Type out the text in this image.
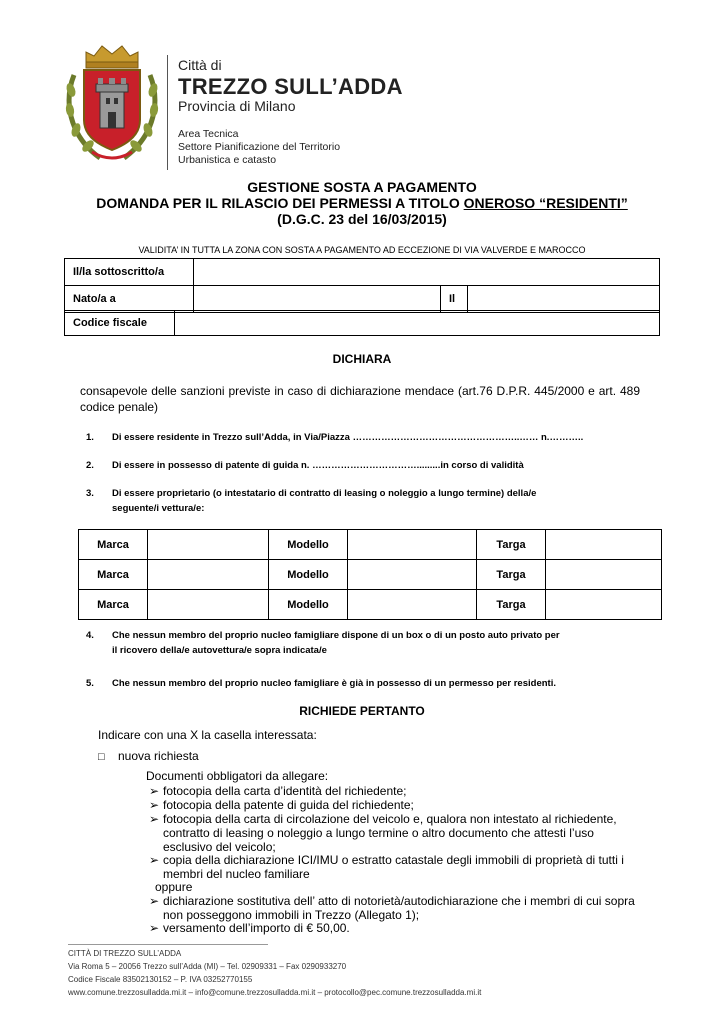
Città di
TREZZO SULL’ADDA
Provincia di Milano
Area Tecnica
Settore Pianificazione del Territorio
Urbanistica e catasto
GESTIONE SOSTA A PAGAMENTO
DOMANDA PER IL RILASCIO DEI PERMESSI A TITOLO ONEROSO “RESIDENTI”
(D.G.C. 23 del 16/03/2015)
VALIDITA’ IN TUTTA LA ZONA CON SOSTA A PAGAMENTO AD ECCEZIONE DI VIA VALVERDE E MAROCCO
Il/la sottoscritto/a			
Nato/a a		Il	
Codice fiscale	
DICHIARA
consapevole delle sanzioni previste in caso di dichiarazione mendace (art.76 D.P.R. 445/2000 e art. 489 codice penale)
1. Di essere residente in Trezzo sull’Adda, in Via/Piazza ……………………………………………..…… n.………..
2. Di essere in possesso di patente di guida n. …………………………….........in corso di validità
3. Di essere proprietario (o intestatario di contratto di leasing o noleggio a lungo termine) della/e
seguente/i vettura/e:
Marca		Modello		Targa	
Marca		Modello		Targa	
Marca		Modello		Targa	
4. Che nessun membro del proprio nucleo famigliare dispone di un box o di un posto auto privato per
il ricovero della/e autovettura/e sopra indicata/e
5. Che nessun membro del proprio nucleo famigliare è già in possesso di un permesso per residenti.
RICHIEDE PERTANTO
Indicare con una X la casella interessata:
□ nuova richiesta
Documenti obbligatori da allegare:
➢ fotocopia della carta d’identità del richiedente;
➢ fotocopia della patente di guida del richiedente;
➢ fotocopia della carta di circolazione del veicolo e, qualora non intestato al richiedente,
contratto di leasing o noleggio a lungo termine o altro documento che attesti l’uso
esclusivo del veicolo;
➢ copia della dichiarazione ICI/IMU o estratto catastale degli immobili di proprietà di tutti i
membri del nucleo familiare
oppure
➢ dichiarazione sostitutiva dell’ atto di notorietà/autodichiarazione che i membri di cui sopra
non posseggono immobili in Trezzo (Allegato 1);
➢ versamento dell’importo di € 50,00.
CITTÀ DI TREZZO SULL’ADDA
Via Roma 5 – 20056 Trezzo sull’Adda (MI) – Tel. 02909331 – Fax 0290933270
Codice Fiscale 83502130152 – P. IVA 03252770155
www.comune.trezzosulladda.mi.it – info@comune.trezzosulladda.mi.it – protocollo@pec.comune.trezzosulladda.mi.it
